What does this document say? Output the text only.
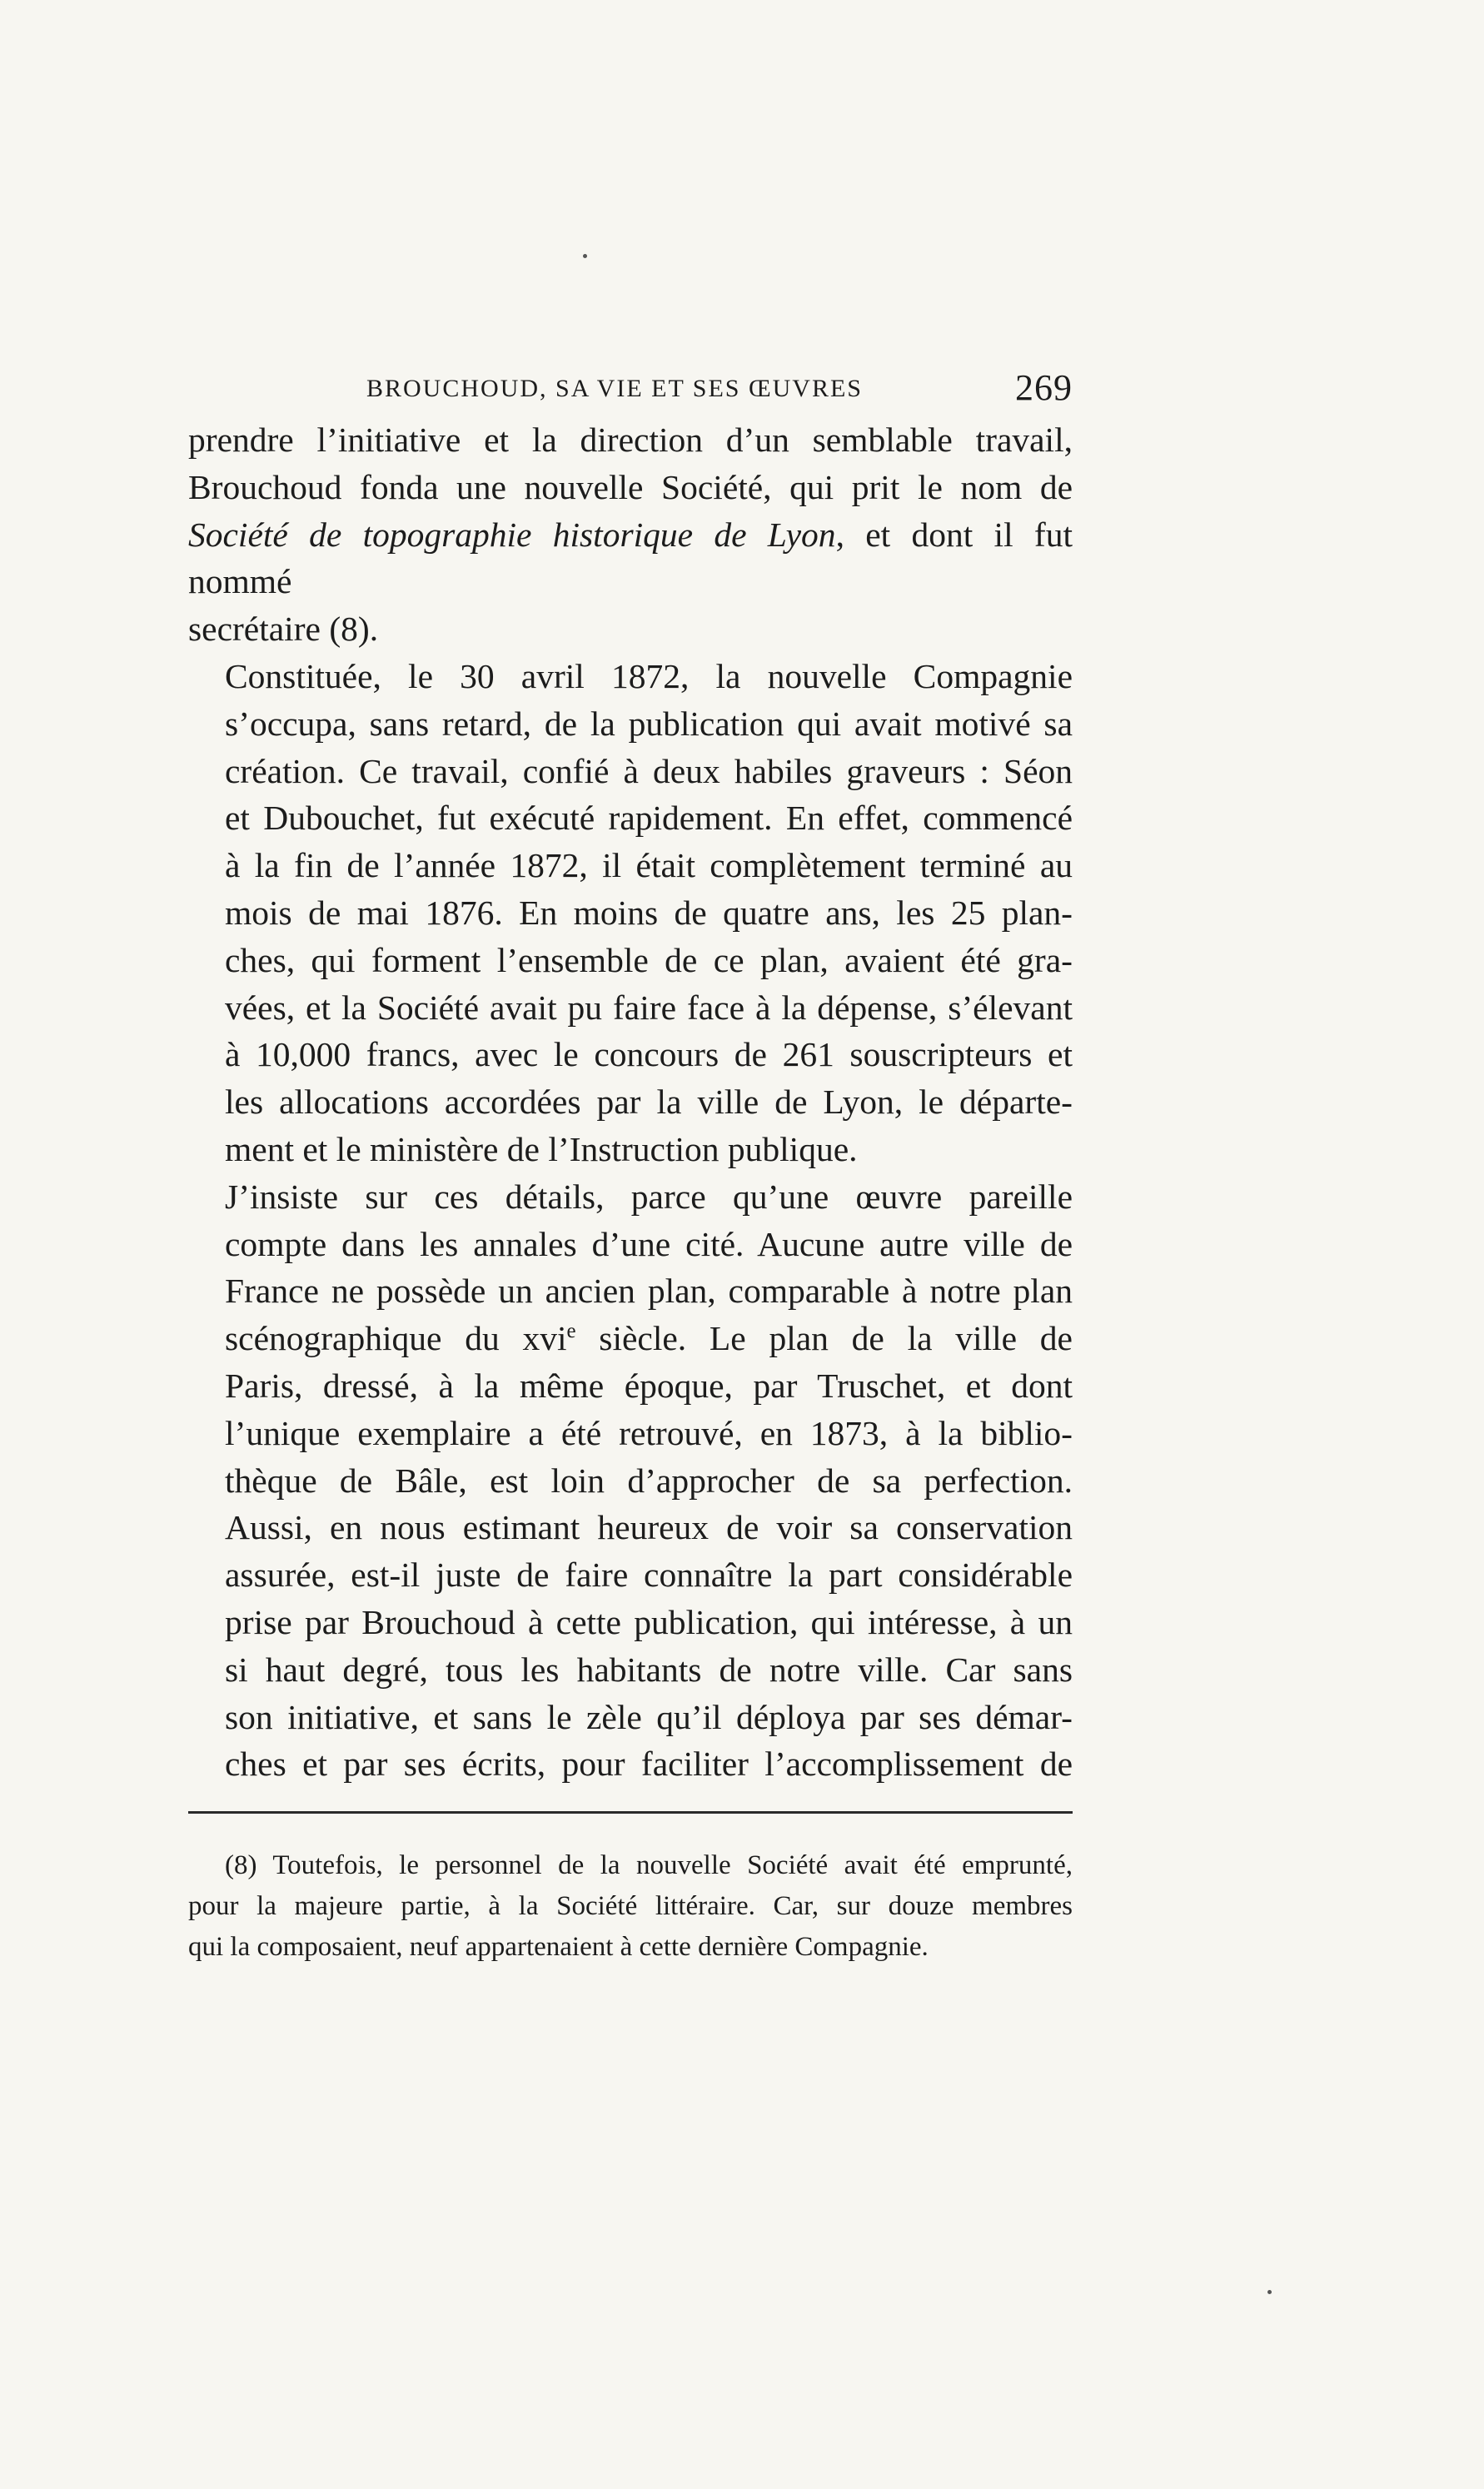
BROUCHOUD, SA VIE ET SES ŒUVRES	269

prendre l’initiative et la direction d’un semblable travail,
Brouchoud fonda une nouvelle Société, qui prit le nom de
Société de topographie historique de Lyon, et dont il fut nommé
secrétaire (8).

Constituée, le 30 avril 1872, la nouvelle Compagnie
s’occupa, sans retard, de la publication qui avait motivé sa
création. Ce travail, confié à deux habiles graveurs : Séon
et Dubouchet, fut exécuté rapidement. En effet, commencé
à la fin de l’année 1872, il était complètement terminé au
mois de mai 1876. En moins de quatre ans, les 25 plan-
ches, qui forment l’ensemble de ce plan, avaient été gra-
vées, et la Société avait pu faire face à la dépense, s’élevant
à 10,000 francs, avec le concours de 261 souscripteurs et
les allocations accordées par la ville de Lyon, le départe-
ment et le ministère de l’Instruction publique.

J’insiste sur ces détails, parce qu’une œuvre pareille
compte dans les annales d’une cité. Aucune autre ville de
France ne possède un ancien plan, comparable à notre plan
scénographique du xvi$^e$ siècle. Le plan de la ville de
Paris, dressé, à la même époque, par Truschet, et dont
l’unique exemplaire a été retrouvé, en 1873, à la biblio-
thèque de Bâle, est loin d’approcher de sa perfection.
Aussi, en nous estimant heureux de voir sa conservation
assurée, est-il juste de faire connaître la part considérable
prise par Brouchoud à cette publication, qui intéresse, à un
si haut degré, tous les habitants de notre ville. Car sans
son initiative, et sans le zèle qu’il déploya par ses démar-
ches et par ses écrits, pour faciliter l’accomplissement de

(8) Toutefois, le personnel de la nouvelle Société avait été emprunté,
pour la majeure partie, à la Société littéraire. Car, sur douze membres
qui la composaient, neuf appartenaient à cette dernière Compagnie.
